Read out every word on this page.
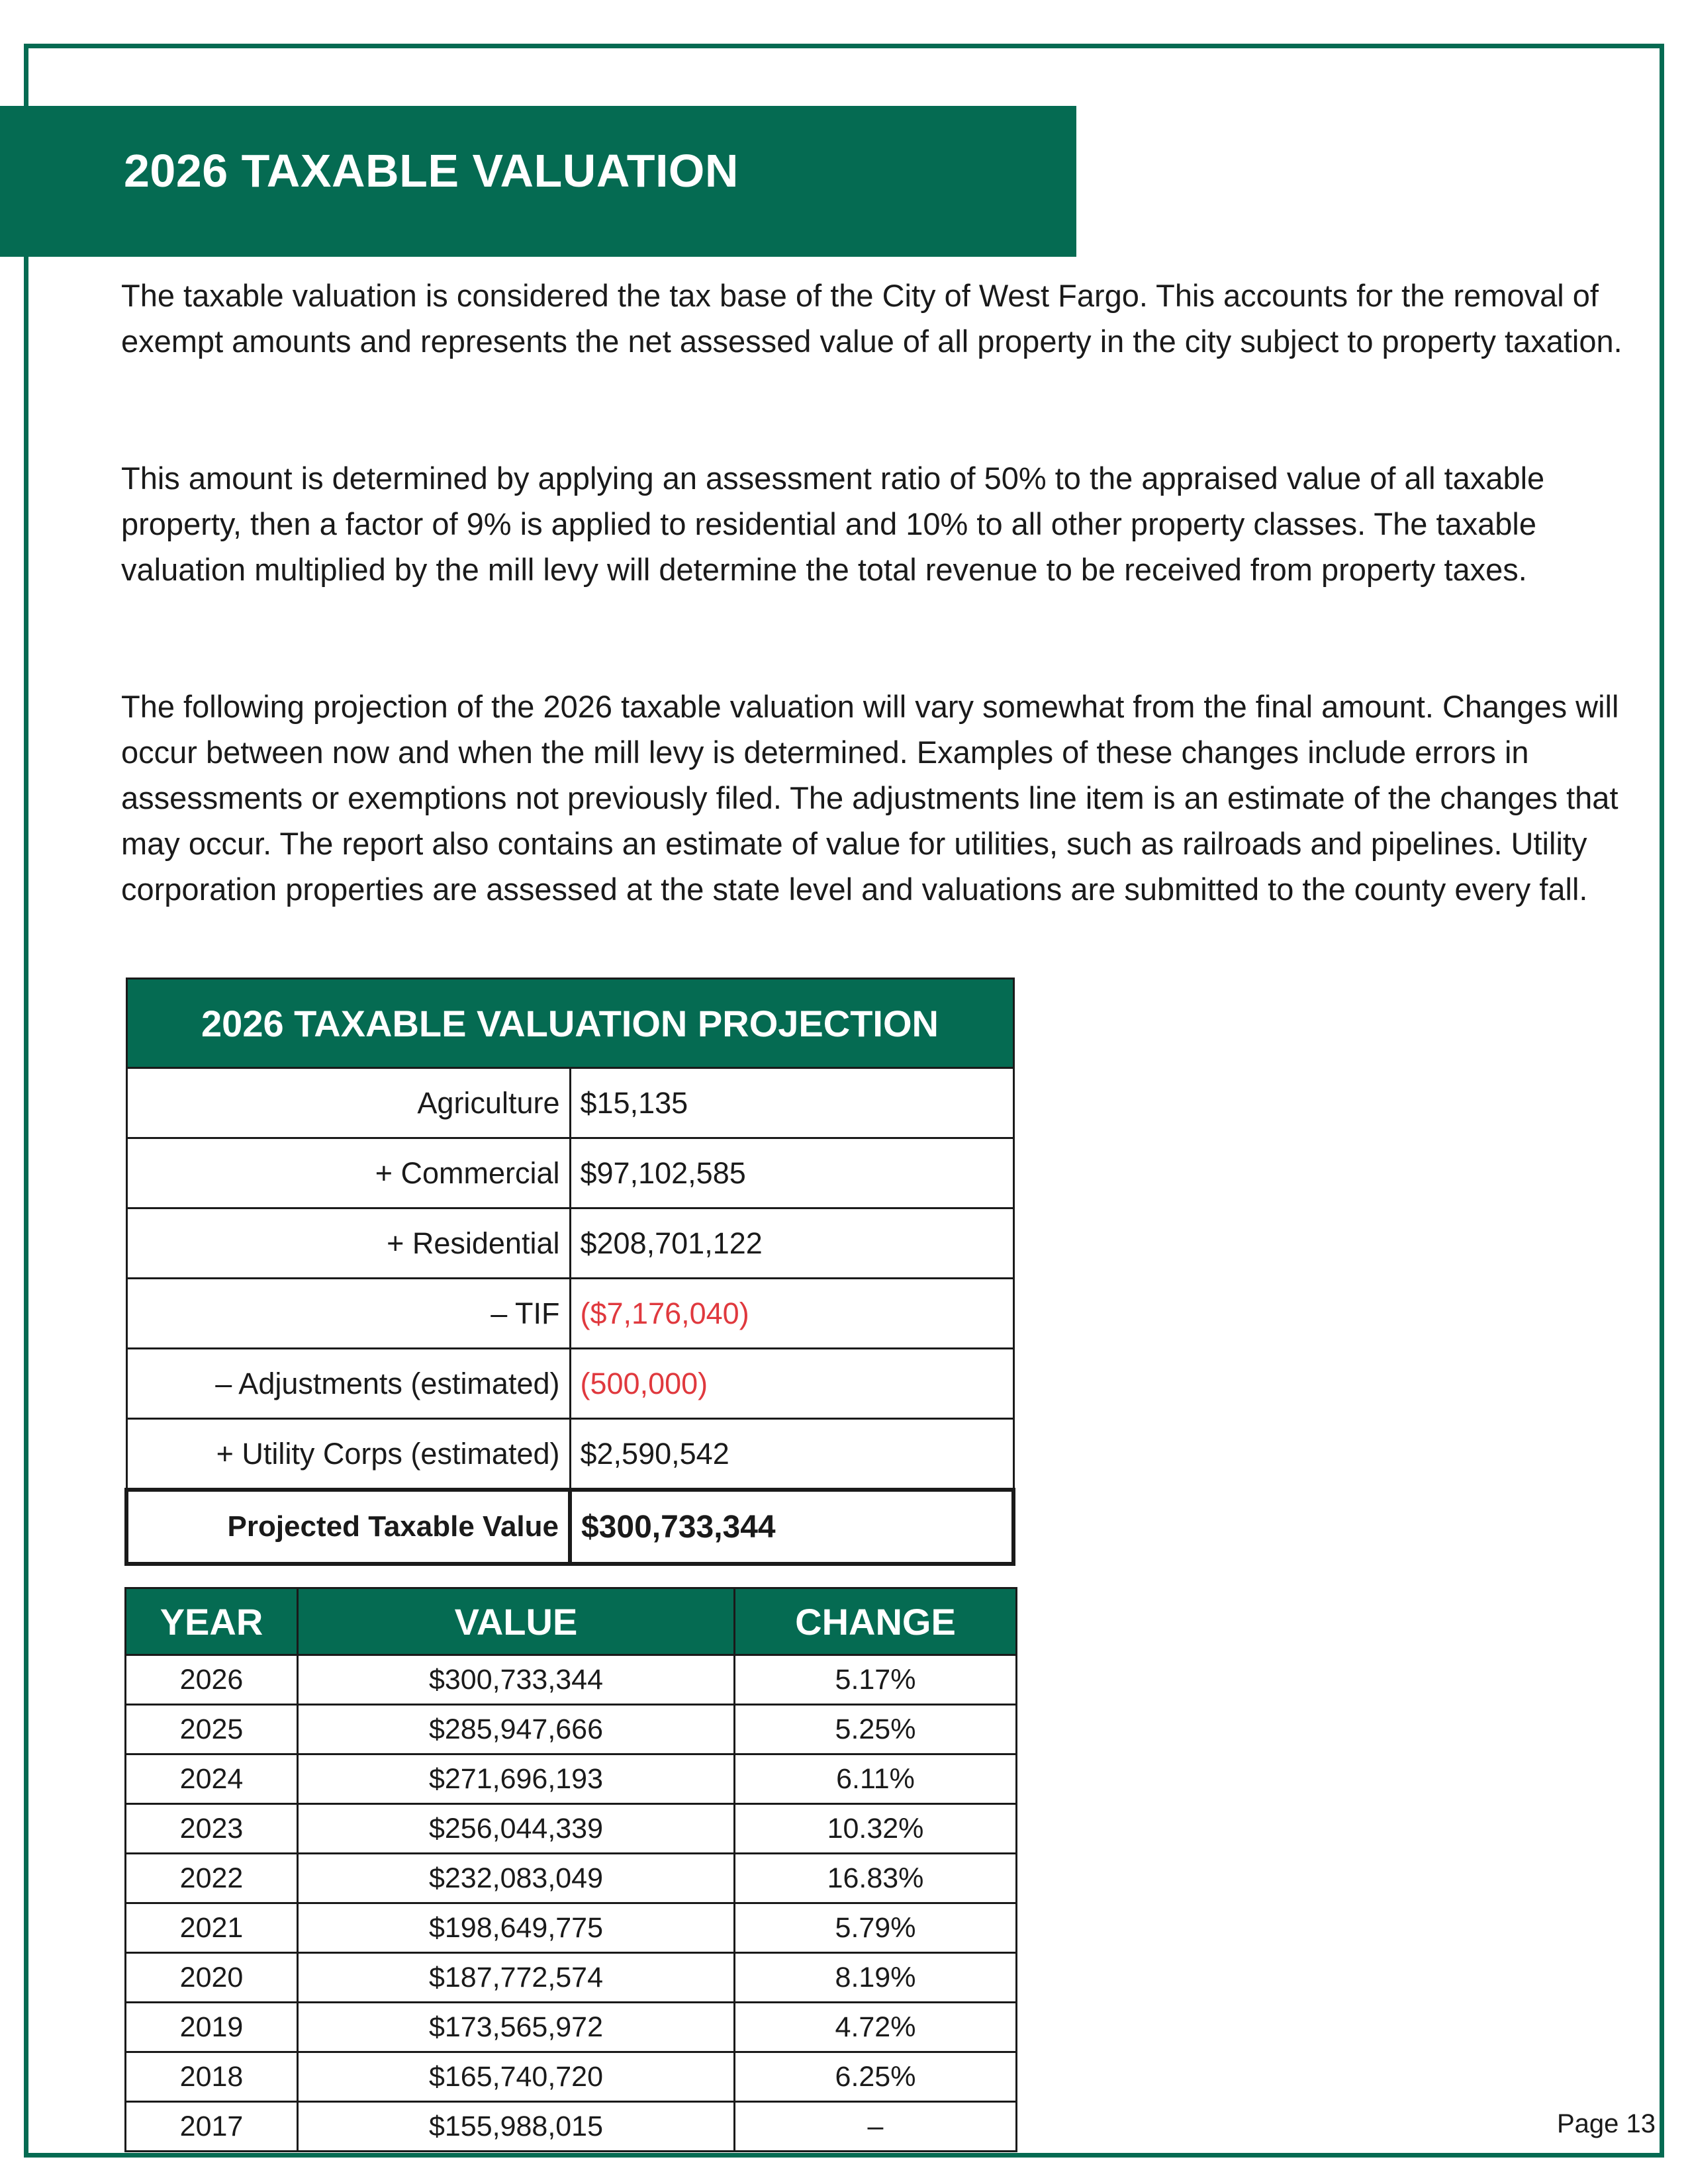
2026 TAXABLE VALUATION

The taxable valuation is considered the tax base of the City of West Fargo. This accounts for the removal of exempt amounts and represents the net assessed value of all property in the city subject to property taxation.

This amount is determined by applying an assessment ratio of 50% to the appraised value of all taxable property, then a factor of 9% is applied to residential and 10% to all other property classes. The taxable valuation multiplied by the mill levy will determine the total revenue to be received from property taxes.

The following projection of the 2026 taxable valuation will vary somewhat from the final amount. Changes will occur between now and when the mill levy is determined. Examples of these changes include errors in assessments or exemptions not previously filed. The adjustments line item is an estimate of the changes that may occur. The report also contains an estimate of value for utilities, such as railroads and pipelines. Utility corporation properties are assessed at the state level and valuations are submitted to the county every fall.

2026 TAXABLE VALUATION PROJECTION	
Agriculture	$15,135
+ Commercial	$97,102,585
+ Residential	$208,701,122
– TIF	($7,176,040)
– Adjustments (estimated)	(500,000)
+ Utility Corps (estimated)	$2,590,542
Projected Taxable Value	$300,733,344
YEAR	VALUE	CHANGE
2026	$300,733,344	5.17%
2025	$285,947,666	5.25%
2024	$271,696,193	6.11%
2023	$256,044,339	10.32%
2022	$232,083,049	16.83%
2021	$198,649,775	5.79%
2020	$187,772,574	8.19%
2019	$173,565,972	4.72%
2018	$165,740,720	6.25%
2017	$155,988,015	–	Page 13
